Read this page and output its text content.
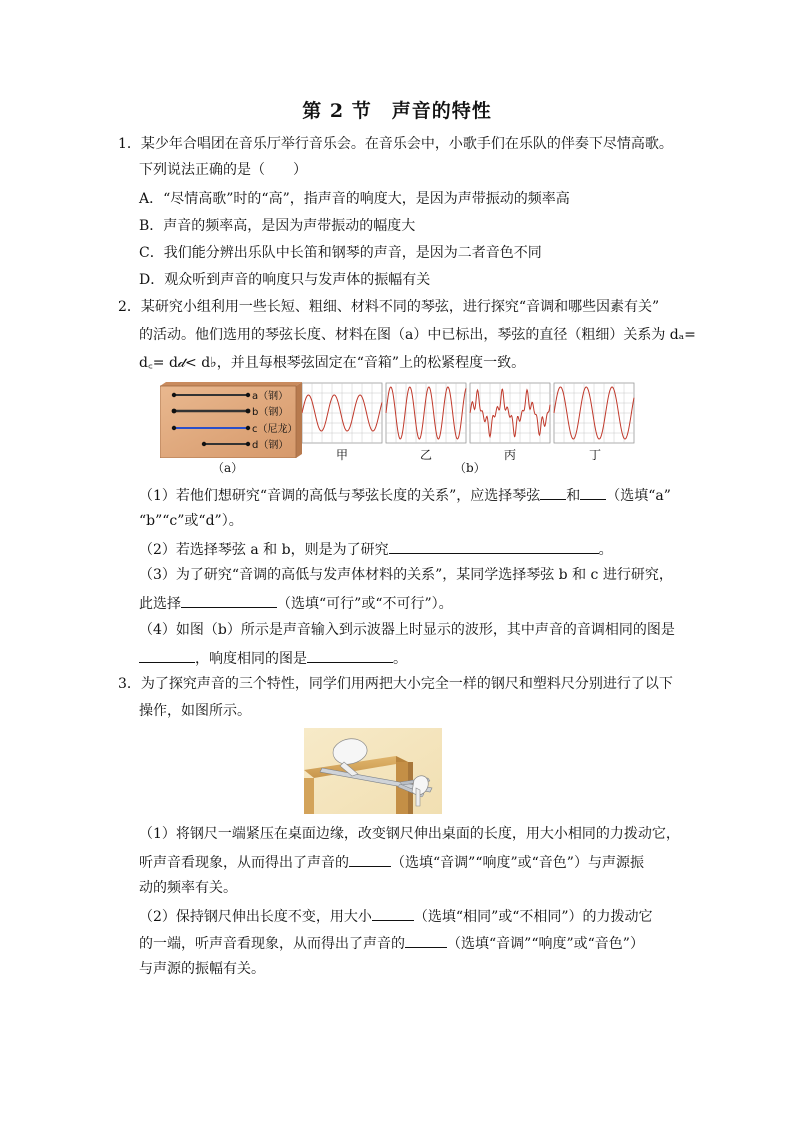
第 2 节　声音的特性
1．某少年合唱团在音乐厅举行音乐会。在音乐会中，小歌手们在乐队的伴奏下尽情高歌。
下列说法正确的是（　　）
A．“尽情高歌”时的“高”，指声音的响度大，是因为声带振动的频率高
B．声音的频率高，是因为声带振动的幅度大
C．我们能分辨出乐队中长笛和钢琴的声音，是因为二者音色不同
D．观众听到声音的响度只与发声体的振幅有关
2．某研究小组利用一些长短、粗细、材料不同的琴弦，进行探究“音调和哪些因素有关”
的活动。他们选用的琴弦长度、材料在图（a）中已标出，琴弦的直径（粗细）关系为 dₐ=
d꜀= d𝒹< d♭，并且每根琴弦固定在“音箱”上的松紧程度一致。
a（钢）
b（钢）
c（尼龙）
d（钢）
（a）
甲	乙	丙	丁
（b）
（1）若他们想研究“音调的高低与琴弦长度的关系”，应选择琴弦 和 （选填“a”
“b”“c”或“d”）。
（2）若选择琴弦 a 和 b，则是为了研究	。
（3）为了研究“音调的高低与发声体材料的关系”，某同学选择琴弦 b 和 c 进行研究，
此选择	（选填“可行”或“不可行”）。
（4）如图（b）所示是声音输入到示波器上时显示的波形，其中声音的音调相同的图是
，响度相同的图是	。
3．为了探究声音的三个特性，同学们用两把大小完全一样的钢尺和塑料尺分别进行了以下
操作，如图所示。
（1）将钢尺一端紧压在桌面边缘，改变钢尺伸出桌面的长度，用大小相同的力拨动它，
听声音看现象，从而得出了声音的	（选填“音调”“响度”或“音色”）与声源振
动的频率有关。
（2）保持钢尺伸出长度不变，用大小	（选填“相同”或“不相同”）的力拨动它
的一端，听声音看现象，从而得出了声音的	（选填“音调”“响度”或“音色”）
与声源的振幅有关。
